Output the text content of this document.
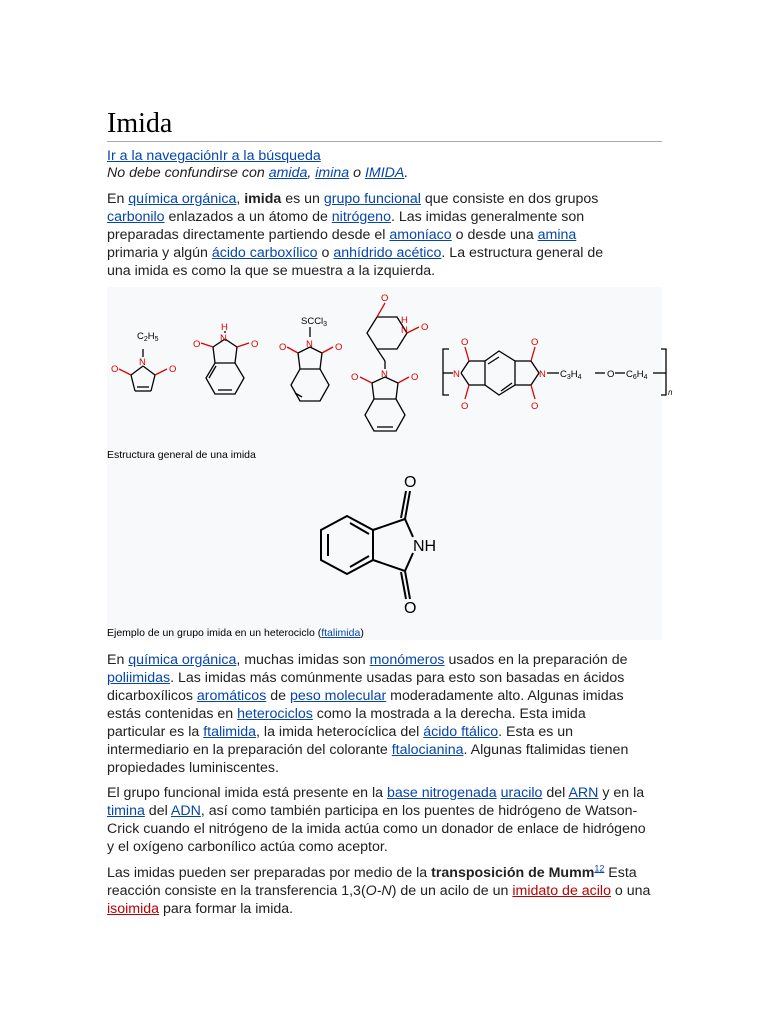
Imida

Ir a la navegaciónIr a la búsqueda

No debe confundirse con amida, imina o IMIDA.

En química orgánica, imida es un grupo funcional que consiste en dos grupos carbonilo enlazados a un átomo de nitrógeno. Las imidas generalmente son preparadas directamente partiendo desde el amoníaco o desde una amina primaria y algún ácido carboxílico o anhídrido acético. La estructura general de una imida es como la que se muestra a la izquierda.

$C_2H_5$
N
O	O
H
N
O	O
SCCl$_3$
N
O	O
O
H
N O
N
O	O	N
O
O
N
O
O
$C_3H_4$	O $C_6H_4$
n
Estructura general de una imida
O
NH
O
Ejemplo de un grupo imida en un heterociclo (ftalimida)

En química orgánica, muchas imidas son monómeros usados en la preparación de poliimidas. Las imidas más comúnmente usadas para esto son basadas en ácidos dicarboxílicos aromáticos de peso molecular moderadamente alto. Algunas imidas estás contenidas en heterociclos como la mostrada a la derecha. Esta imida particular es la ftalimida, la imida heterocíclica del ácido ftálico. Esta es un intermediario en la preparación del colorante ftalocianina. Algunas ftalimidas tienen propiedades luminiscentes.

El grupo funcional imida está presente en la base nitrogenada uracilo del ARN y en la timina del ADN, así como también participa en los puentes de hidrógeno de Watson-Crick cuando el nitrógeno de la imida actúa como un donador de enlace de hidrógeno y el oxígeno carbonílico actúa como aceptor.

Las imidas pueden ser preparadas por medio de la transposición de Mumm$^{12}$ Esta reacción consiste en la transferencia 1,3(O-N) de un acilo de un imidato de acilo o una isoimida para formar la imida.
